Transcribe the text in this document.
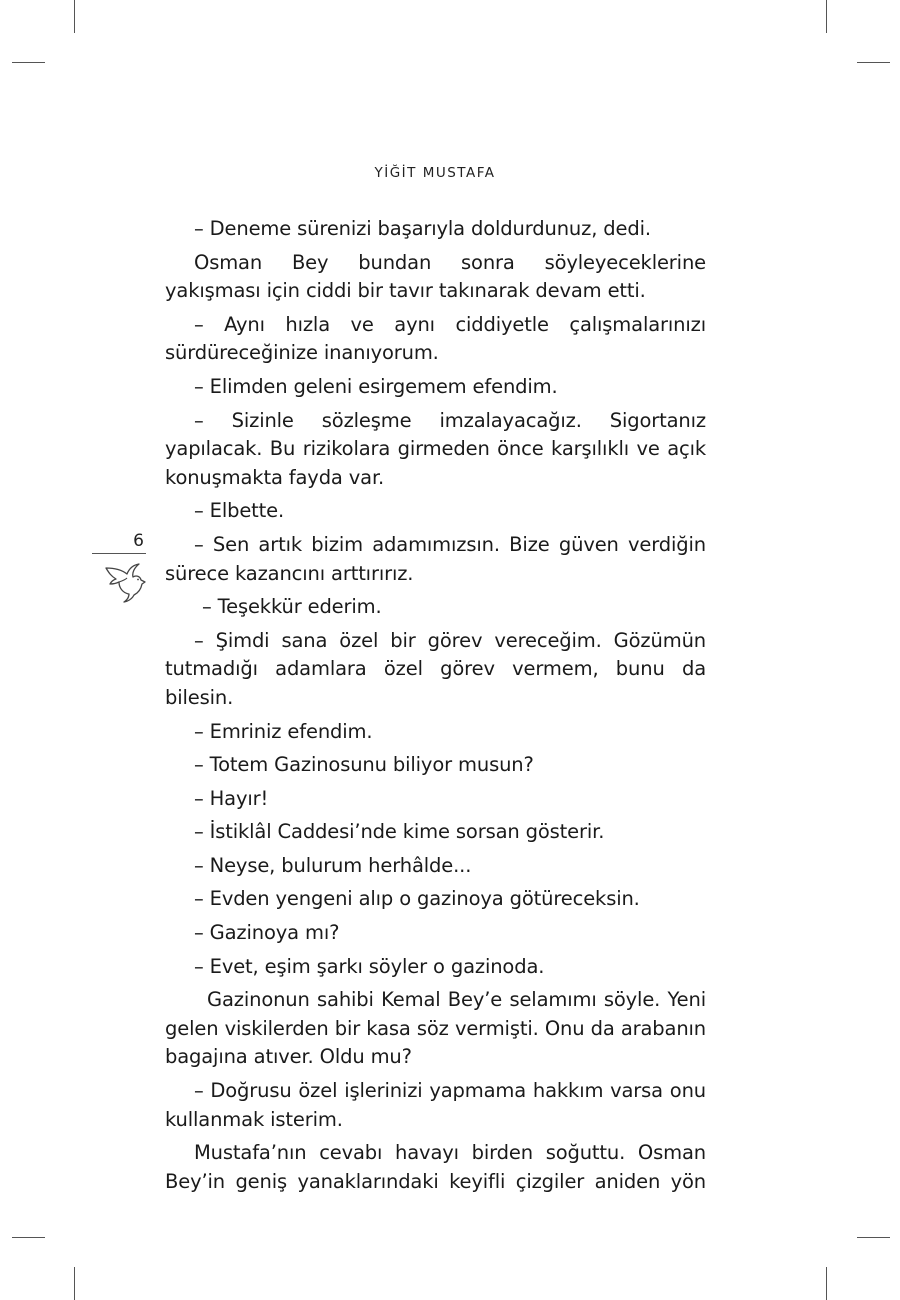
YİĞİT MUSTAFA
6

– Deneme sürenizi başarıyla doldurdunuz, dedi.

Osman Bey bundan sonra söyleyeceklerine yakışması için ciddi bir tavır takınarak devam etti.

– Aynı hızla ve aynı ciddiyetle çalışmalarınızı sürdüreceğinize inanıyorum.

– Elimden geleni esirgemem efendim.

– Sizinle sözleşme imzalayacağız. Sigortanız yapılacak. Bu rizikolara girmeden önce karşılıklı ve açık konuşmakta fayda var.

– Elbette.

– Sen artık bizim adamımızsın. Bize güven verdiğin sürece kazancını arttırırız.

– Teşekkür ederim.

– Şimdi sana özel bir görev vereceğim. Gözümün tutmadığı adamlara özel görev vermem, bunu da bilesin.

– Emriniz efendim.

– Totem Gazinosunu biliyor musun?

– Hayır!

– İstiklâl Caddesi’nde kime sorsan gösterir.

– Neyse, bulurum herhâlde...

– Evden yengeni alıp o gazinoya götüreceksin.

– Gazinoya mı?

– Evet, eşim şarkı söyler o gazinoda.

Gazinonun sahibi Kemal Bey’e selamımı söyle. Yeni gelen viskilerden bir kasa söz vermişti. Onu da arabanın bagajına atıver. Oldu mu?

– Doğrusu özel işlerinizi yapmama hakkım varsa onu kullanmak isterim.

Mustafa’nın cevabı havayı birden soğuttu. Osman Bey’in geniş yanaklarındaki keyifli çizgiler aniden yön
